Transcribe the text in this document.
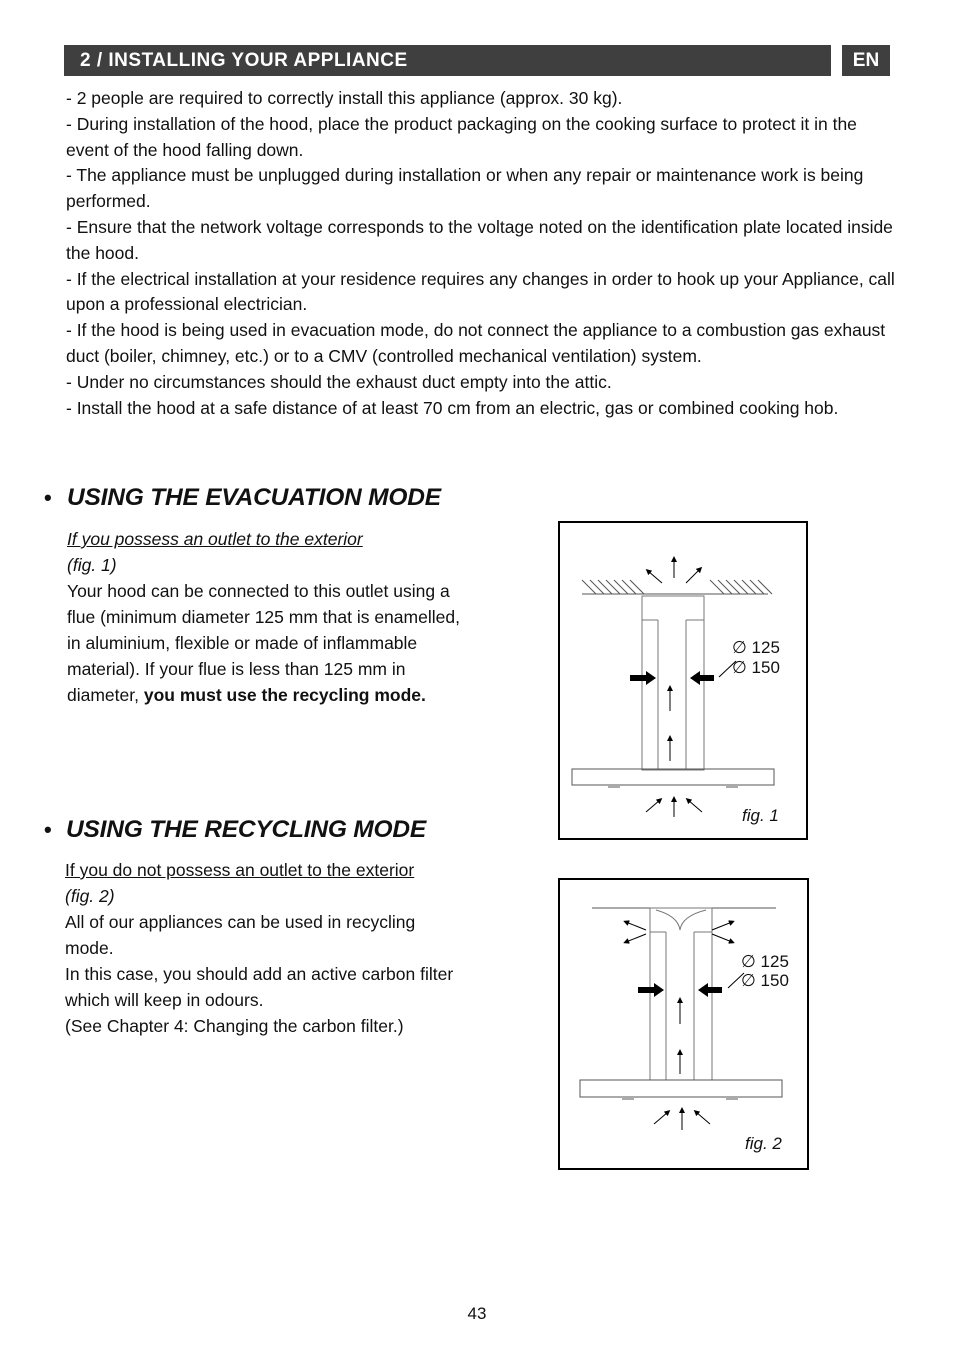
2 / INSTALLING YOUR APPLIANCE	EN

- 2 people are required to correctly install this appliance (approx. 30 kg).

- During installation of the hood, place the product packaging on the cooking surface to protect it in the event of the hood falling down.

- The appliance must be unplugged during installation or when any repair or maintenance work is being performed.

- Ensure that the network voltage corresponds to the voltage noted on the identification plate located inside the hood.

- If the electrical installation at your residence requires any changes in order to hook up your Appliance, call upon a professional electrician.

- If the hood is being used in evacuation mode, do not connect the appliance to a combustion gas exhaust duct (boiler, chimney, etc.) or to a CMV (controlled mechanical ventilation) system.

- Under no circumstances should the exhaust duct empty into the attic.

- Install the hood at a safe distance of at least 70 cm from an electric, gas or combined cooking hob.

• USING THE EVACUATION MODE

If you possess an outlet to the exterior

(fig. 1)

Your hood can be connected to this outlet using a flue (minimum diameter 125 mm that is enamelled, in aluminium, flexible or made of inflammable material). If your flue is less than 125 mm in diameter, you must use the recycling mode.

• USING THE RECYCLING MODE

If you do not possess an outlet to the exterior

(fig. 2)

All of our appliances can be used in recycling mode.

In this case, you should add an active carbon filter which will keep in odours.

(See Chapter 4: Changing the carbon filter.)

∅ 125
∅ 150
fig. 1
∅ 125
∅ 150
fig. 2
43
